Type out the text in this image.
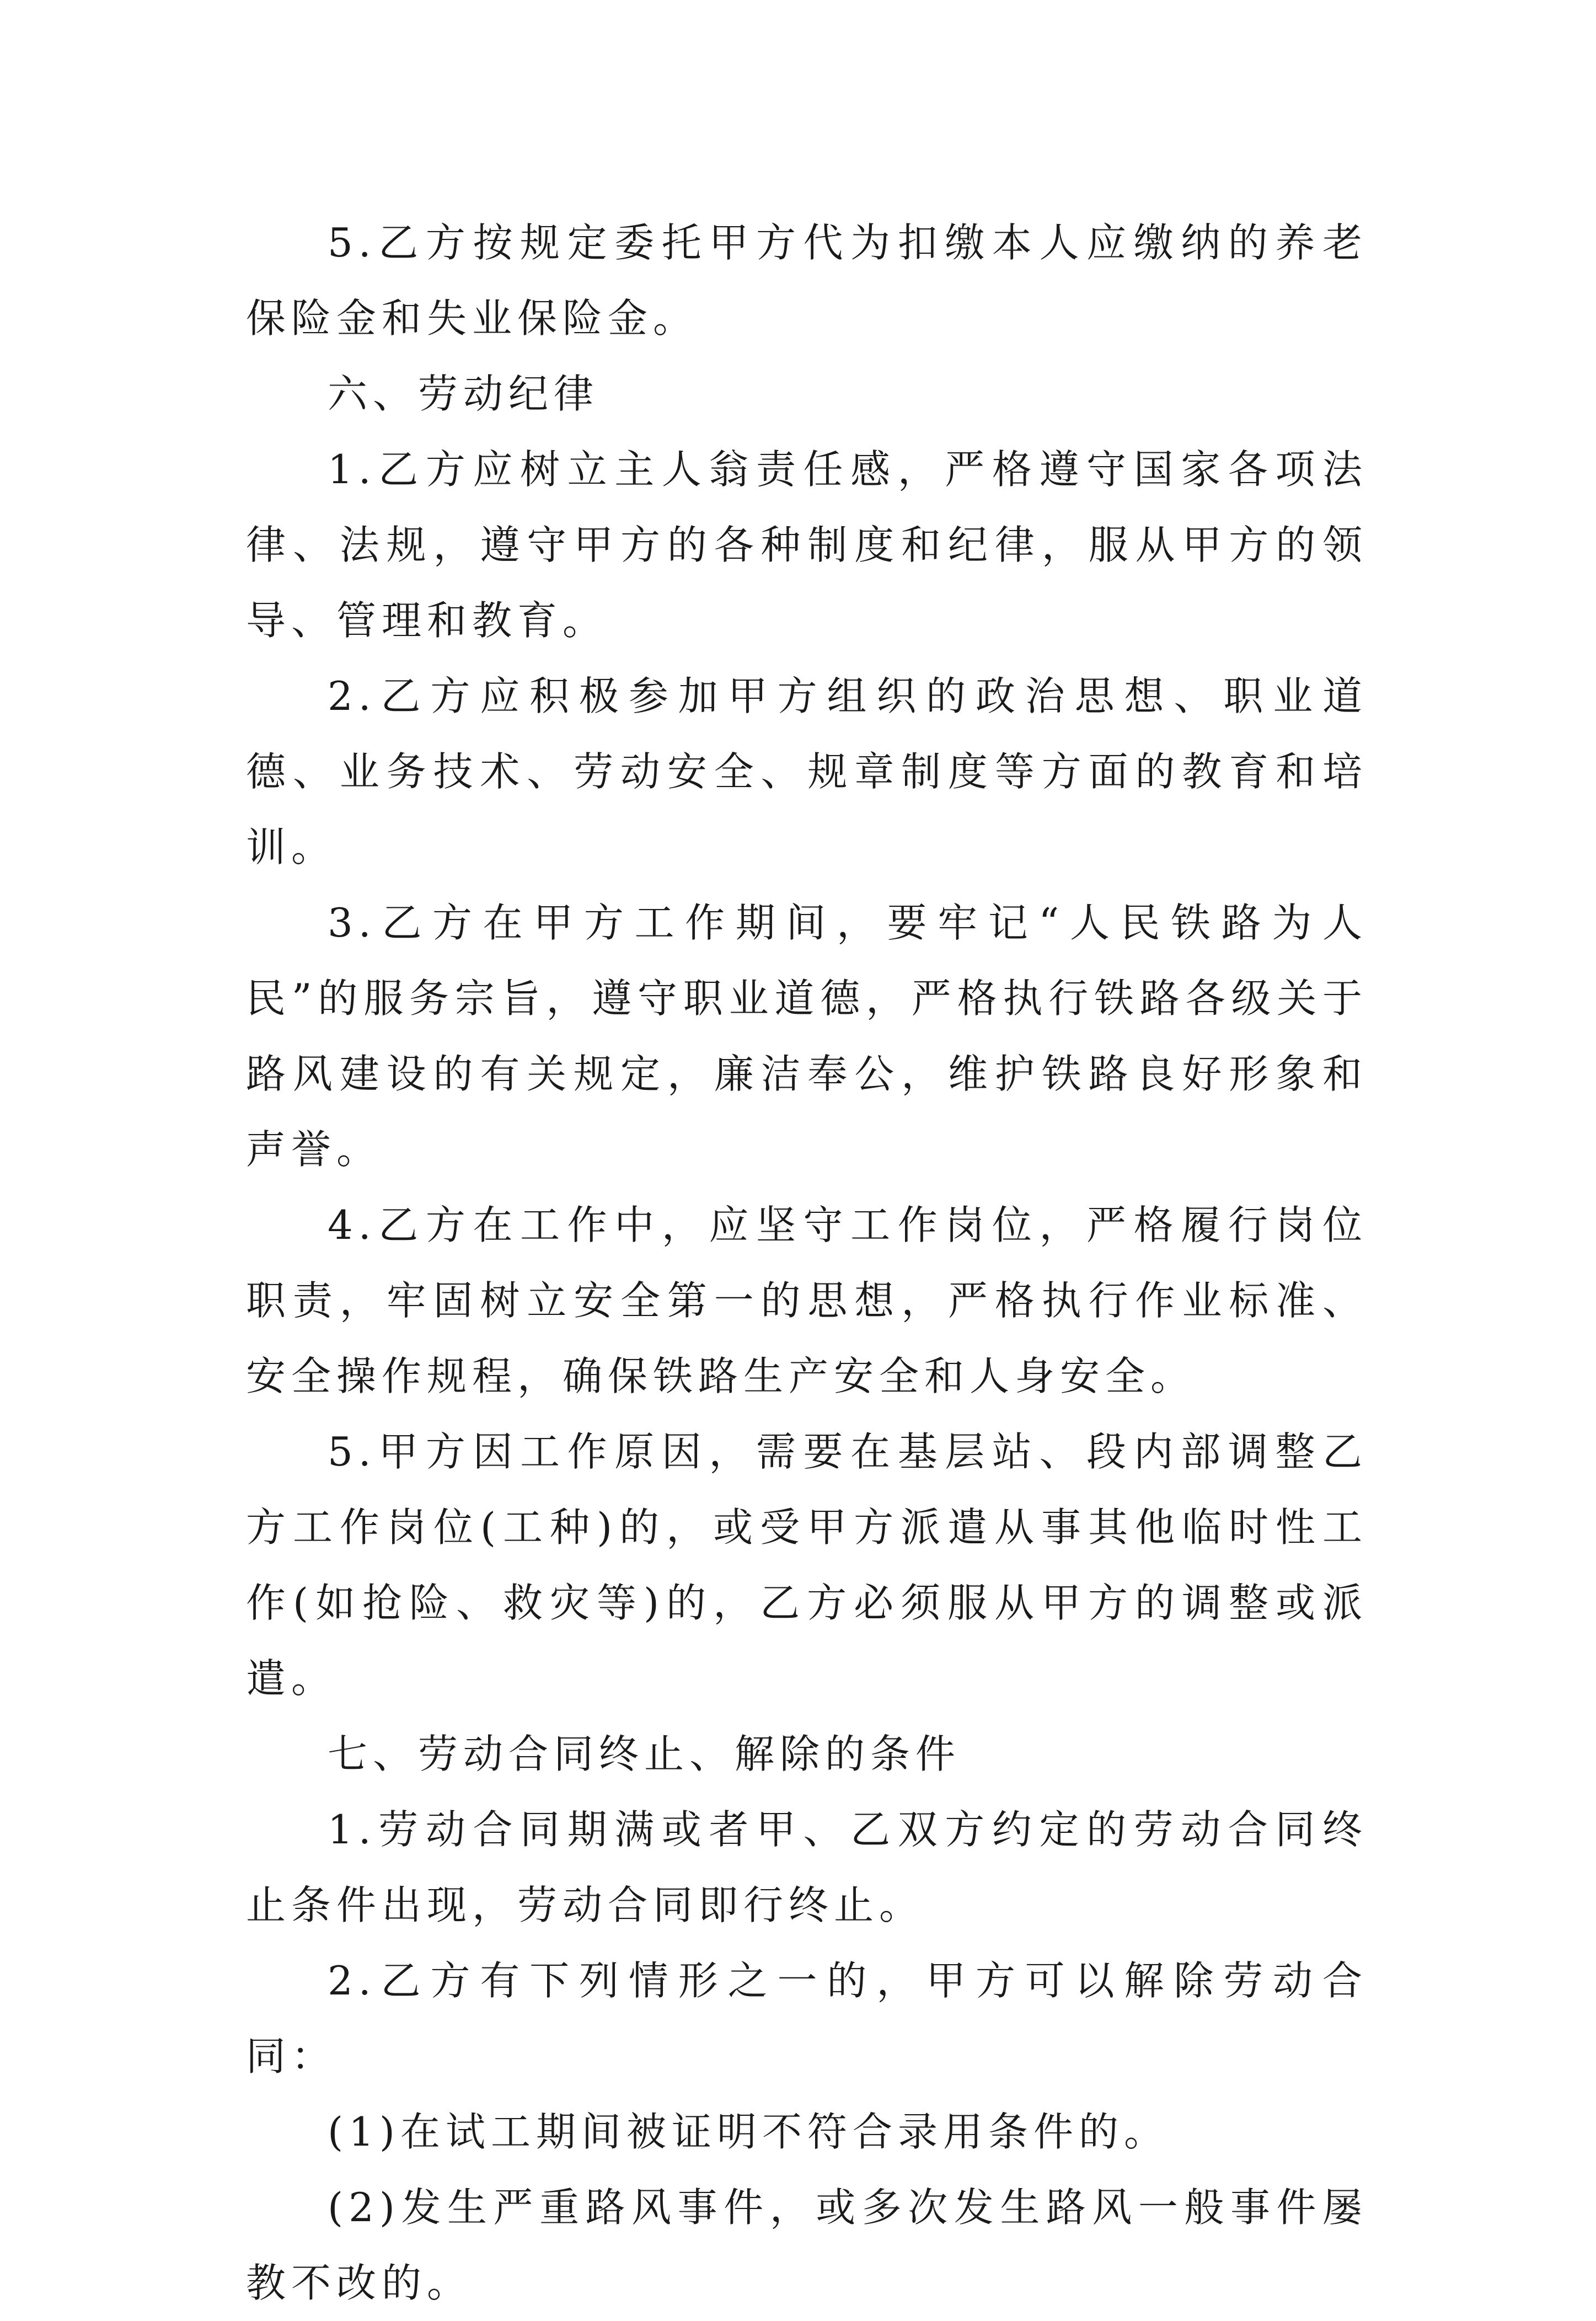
5.乙方按规定委托甲方代为扣缴本人应缴纳的养老保险金和失业保险金。

六、劳动纪律

1.乙方应树立主人翁责任感，严格遵守国家各项法律、法规，遵守甲方的各种制度和纪律，服从甲方的领导、管理和教育。

2.乙方应积极参加甲方组织的政治思想、职业道德、业务技术、劳动安全、规章制度等方面的教育和培训。

3.乙方在甲方工作期间，要牢记“人民铁路为人民”的服务宗旨，遵守职业道德，严格执行铁路各级关于路风建设的有关规定，廉洁奉公，维护铁路良好形象和声誉。

4.乙方在工作中，应坚守工作岗位，严格履行岗位职责，牢固树立安全第一的思想，严格执行作业标准、安全操作规程，确保铁路生产安全和人身安全。

5.甲方因工作原因，需要在基层站、段内部调整乙方工作岗位(工种)的，或受甲方派遣从事其他临时性工作(如抢险、救灾等)的，乙方必须服从甲方的调整或派遣。

七、劳动合同终止、解除的条件

1.劳动合同期满或者甲、乙双方约定的劳动合同终止条件出现，劳动合同即行终止。

2.乙方有下列情形之一的，甲方可以解除劳动合同：

(1)在试工期间被证明不符合录用条件的。

(2)发生严重路风事件，或多次发生路风一般事件屡教不改的。
